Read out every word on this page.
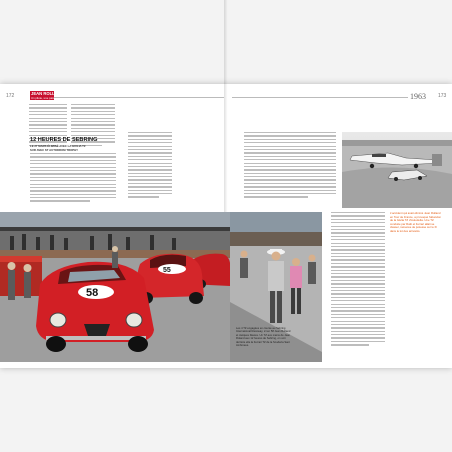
172	JEAN ROLLAND
Un pilote, une passion	1963 173
12 HEURES DE SEBRING
LE 27 MARS ÉLIMINÉ AVEC LA GIULIA TZ
SUR AVEC ST AUTODROM TROPHY
L'accident qui avait éliminé Jean Rolland en Tour de France, a provoqué l'abandon de la Giulia TZ d'Autodelta. Une TZ conduite par Ratti et Ferrari allait se classer, ramenée de justesse sur le fil dans le lot des arrivants.
58
55
Les 4 TZ engagées en course au Sebring International Raceway, ici en 58 Jean Rolland et Jacques Dewes. Un TZ aux mains de Jean Roland aux 12 heures de Sebring, on voit derrière elle la Ferrari TZ de la Scuderia Sant Ambroeus.
